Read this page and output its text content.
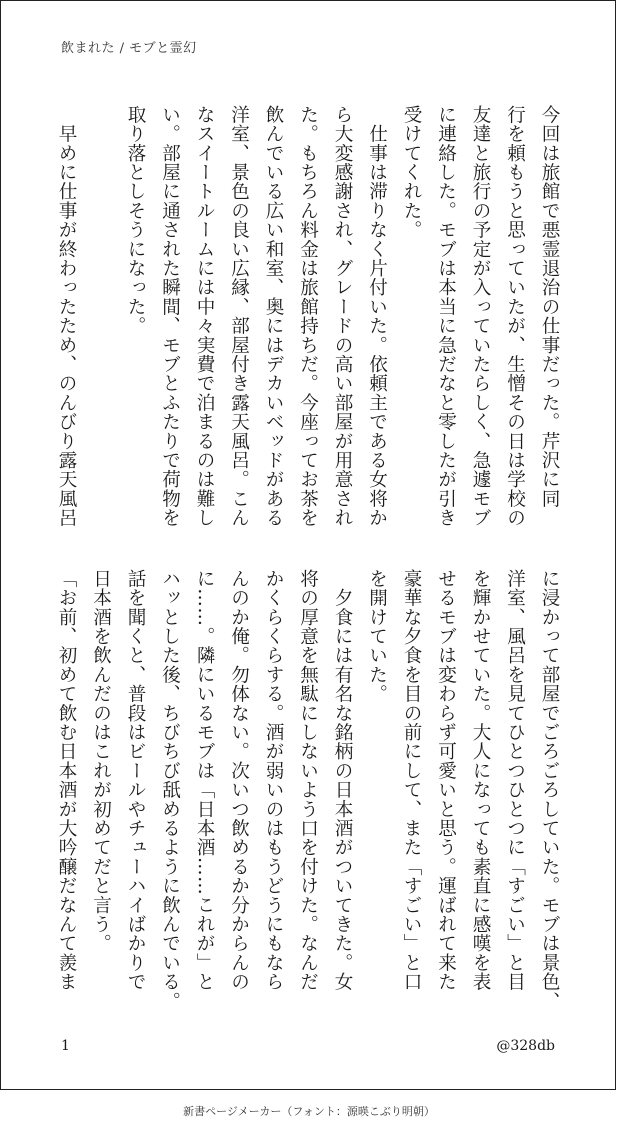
飲まれた / モブと霊幻
今回は旅館で悪霊退治の仕事だった。芹沢に同
行を頼もうと思っていたが、生憎その日は学校の
友達と旅行の予定が入っていたらしく、急遽モブ
に連絡した。モブは本当に急だなと零したが引き
受けてくれた。
　仕事は滞りなく片付いた。依頼主である女将か
ら大変感謝され、グレードの高い部屋が用意され
た。もちろん料金は旅館持ちだ。今座ってお茶を
飲んでいる広い和室、奥にはデカいベッドがある
洋室、景色の良い広縁、部屋付き露天風呂。こん
なスイートルームには中々実費で泊まるのは難し
い。部屋に通された瞬間、モブとふたりで荷物を
取り落としそうになった。

　早めに仕事が終わったため、のんびり露天風呂
に浸かって部屋でごろごろしていた。モブは景色、
洋室、風呂を見てひとつひとつに「すごい」と目
を輝かせていた。大人になっても素直に感嘆を表
せるモブは変わらず可愛いと思う。運ばれて来た
豪華な夕食を目の前にして、また「すごい」と口
を開けていた。
　夕食には有名な銘柄の日本酒がついてきた。女
将の厚意を無駄にしないよう口を付けた。なんだ
かくらくらする。酒が弱いのはもうどうにもなら
んのか俺。勿体ない。次いつ飲めるか分からんの
に……。隣にいるモブは「日本酒……これが」と
ハッとした後、ちびちび舐めるように飲んでいる。
話を聞くと、普段はビールやチューハイばかりで
日本酒を飲んだのはこれが初めてだと言う。
「お前、初めて飲む日本酒が大吟醸だなんて羨ま
1	@328db
新書ページメーカー（フォント：源暎こぶり明朝）
